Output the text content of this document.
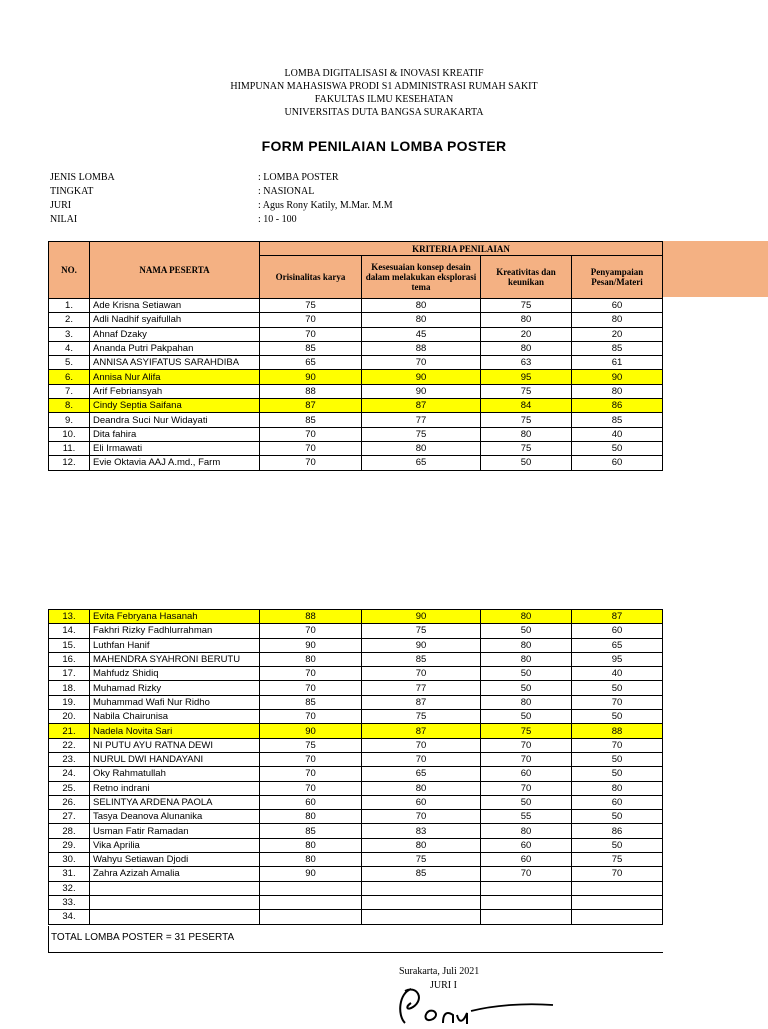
LOMBA DIGITALISASI & INOVASI KREATIF
HIMPUNAN MAHASISWA PRODI S1 ADMINISTRASI RUMAH SAKIT
FAKULTAS ILMU KESEHATAN
UNIVERSITAS DUTA BANGSA SURAKARTA
FORM PENILAIAN LOMBA POSTER
JENIS LOMBA	: LOMBA POSTER
TINGKAT	: NASIONAL
JURI	: Agus Rony Katily, M.Mar. M.M
NILAI	: 10 - 100
NO.	NAMA PESERTA	KRITERIA PENILAIAN			
		Orisinalitas karya	Kesesuaian konsep desain dalam melakukan eksplorasi tema	Kreativitas dan keunikan	Penyampaian Pesan/Materi
1.	Ade Krisna Setiawan	75	80	75	60
2.	Adli Nadhif syaifullah	70	80	80	80
3.	Ahnaf Dzaky	70	45	20	20
4.	Ananda Putri Pakpahan	85	88	80	85
5.	ANNISA ASYIFATUS SARAHDIBA	65	70	63	61
6.	Annisa Nur Alifa	90	90	95	90
7.	Arif Febriansyah	88	90	75	80
8.	Cindy Septia Saifana	87	87	84	86
9.	Deandra Suci Nur Widayati	85	77	75	85
10.	Dita fahira	70	75	80	40
11.	Eli Irmawati	70	80	75	50
12.	Evie Oktavia AAJ A.md., Farm	70	65	50	60
13.	Evita Febryana Hasanah	88	90	80	87
14.	Fakhri Rizky Fadhlurrahman	70	75	50	60
15.	Luthfan Hanif	90	90	80	65
16.	MAHENDRA SYAHRONI BERUTU	80	85	80	95
17.	Mahfudz Shidiq	70	70	50	40
18.	Muhamad Rizky	70	77	50	50
19.	Muhammad Wafi Nur Ridho	85	87	80	70
20.	Nabila Chairunisa	70	75	50	50
21.	Nadela Novita Sari	90	87	75	88
22.	NI PUTU AYU RATNA DEWI	75	70	70	70
23.	NURUL DWI HANDAYANI	70	70	70	50
24.	Oky Rahmatullah	70	65	60	50
25.	Retno indrani	70	80	70	80
26.	SELINTYA ARDENA PAOLA	60	60	50	60
27.	Tasya Deanova Alunanika	80	70	55	50
28.	Usman Fatir Ramadan	85	83	80	86
29.	Vika Aprilia	80	80	60	50
30.	Wahyu Setiawan Djodi	80	75	60	75
31.	Zahra Azizah Amalia	90	85	70	70
32.					
33.					
34.					
TOTAL LOMBA POSTER = 31 PESERTA
Surakarta, Juli 2021
JURI I
